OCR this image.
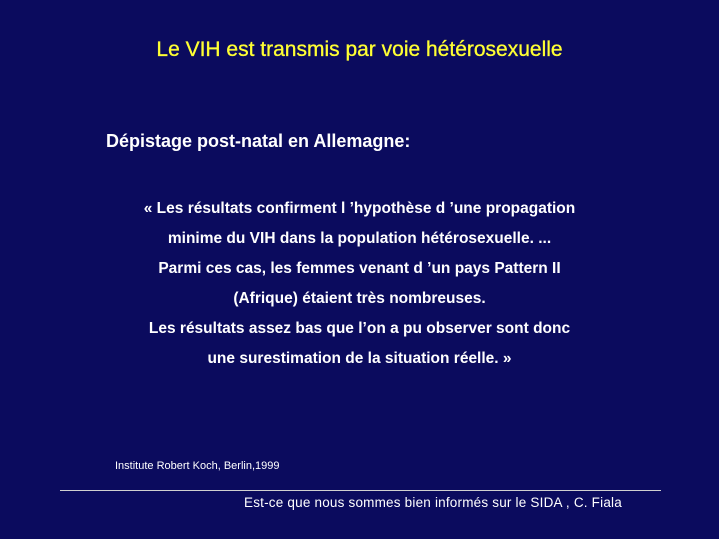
Le VIH est transmis par voie hétérosexuelle
Dépistage post-natal en Allemagne:
« Les résultats confirment l ’hypothèse d ’une propagation
minime du VIH dans la population hétérosexuelle. ...
Parmi ces cas, les femmes venant d ’un pays Pattern II
(Afrique) étaient très nombreuses.
Les résultats assez bas que l’on a pu observer sont donc
une surestimation de la situation réelle. »
Institute Robert Koch, Berlin,1999
Est-ce que nous sommes bien informés sur le SIDA , C. Fiala
